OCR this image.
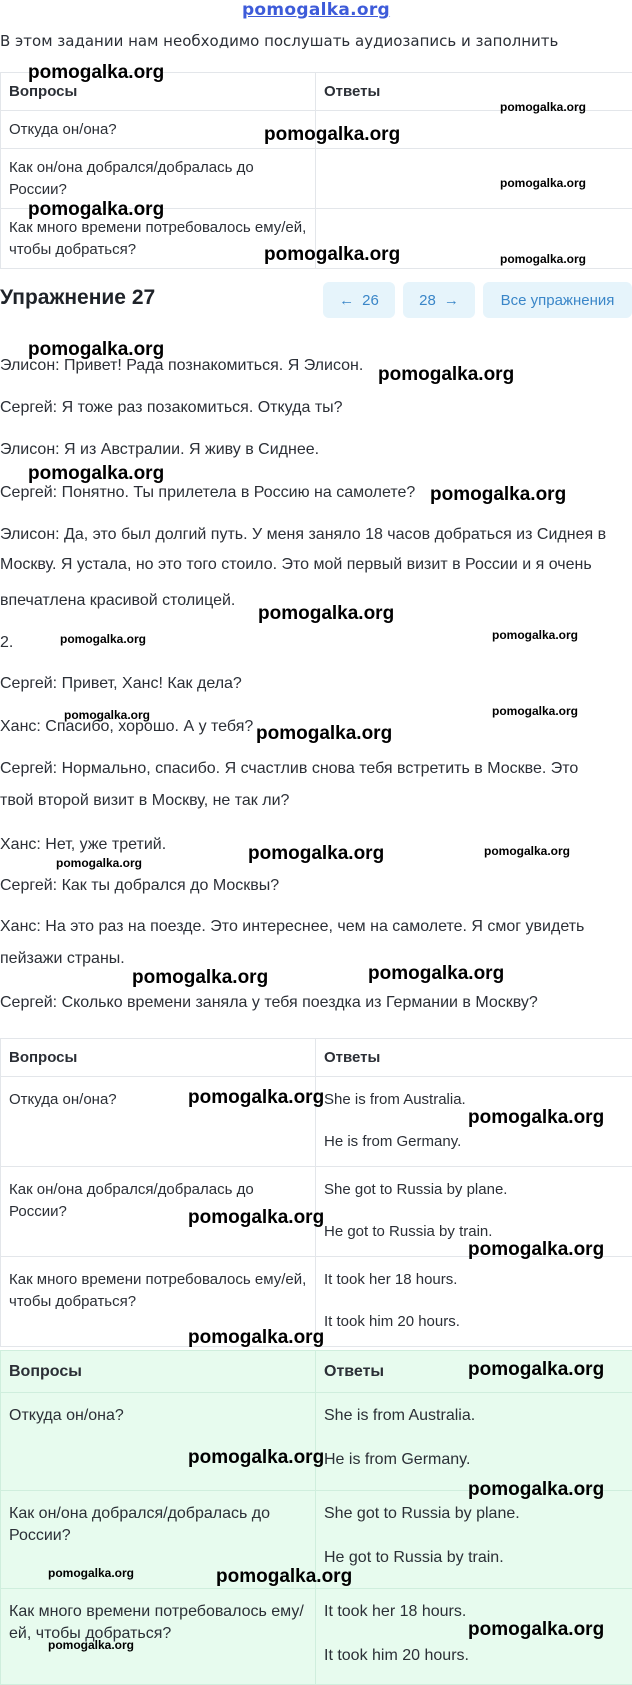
pomogalka.org
В этом задании нам необходимо послушать аудиозапись и заполнить
Вопросы	Ответы
Откуда он/она?	
Как он/она добрался/добралась до России?	
Как много времени потребовалось ему/ей, чтобы добраться?	
Упражнение 27	← 26	28 →	Все упражнения
Элисон: Привет! Рада познакомиться. Я Элисон.
Сергей: Я тоже раз позакомиться. Откуда ты?
Элисон: Я из Австралии. Я живу в Сиднее.
Сергей: Понятно. Ты прилетела в Россию на самолете?
Элисон: Да, это был долгий путь. У меня заняло 18 часов добраться из Сиднея в
Москву. Я устала, но это того стоило. Это мой первый визит в России и я очень
впечатлена красивой столицей.
2.
Сергей: Привет, Ханс! Как дела?
Ханс: Спасибо, хорошо. А у тебя?
Сергей: Нормально, спасибо. Я счастлив снова тебя встретить в Москве. Это
твой второй визит в Москву, не так ли?
Ханс: Нет, уже третий.
Сергей: Как ты добрался до Москвы?
Ханс: На это раз на поезде. Это интереснее, чем на самолете. Я смог увидеть
пейзажи страны.
Сергей: Сколько времени заняла у тебя поездка из Германии в Москву?
Вопросы	Ответы
Откуда он/она?	She is from Australia.
He is from Germany.

Как он/она добрался/добралась до России?	She got to Russia by plane.
He got to Russia by train.

Как много времени потребовалось ему/ей, чтобы добраться?	It took her 18 hours.
It took him 20 hours.
Вопросы	Ответы
Откуда он/она?	She is from Australia.
He is from Germany.

Как он/она добрался/добралась до России?	She got to Russia by plane.
He got to Russia by train.

Как много времени потребовалось ему/ей, чтобы добраться?	It took her 18 hours.
It took him 20 hours.
pomogalka.org
pomogalka.org
pomogalka.org
pomogalka.org
pomogalka.org
pomogalka.org	pomogalka.org
pomogalka.org
pomogalka.org
pomogalka.org
pomogalka.org
pomogalka.org
pomogalka.org	pomogalka.org
pomogalka.org	pomogalka.org
pomogalka.org
pomogalka.org
pomogalka.org
pomogalka.org
pomogalka.org	pomogalka.org
pomogalka.org
pomogalka.org
pomogalka.org
pomogalka.org
pomogalka.org
pomogalka.org
pomogalka.org
pomogalka.org
pomogalka.org	pomogalka.org
pomogalka.org
pomogalka.org
